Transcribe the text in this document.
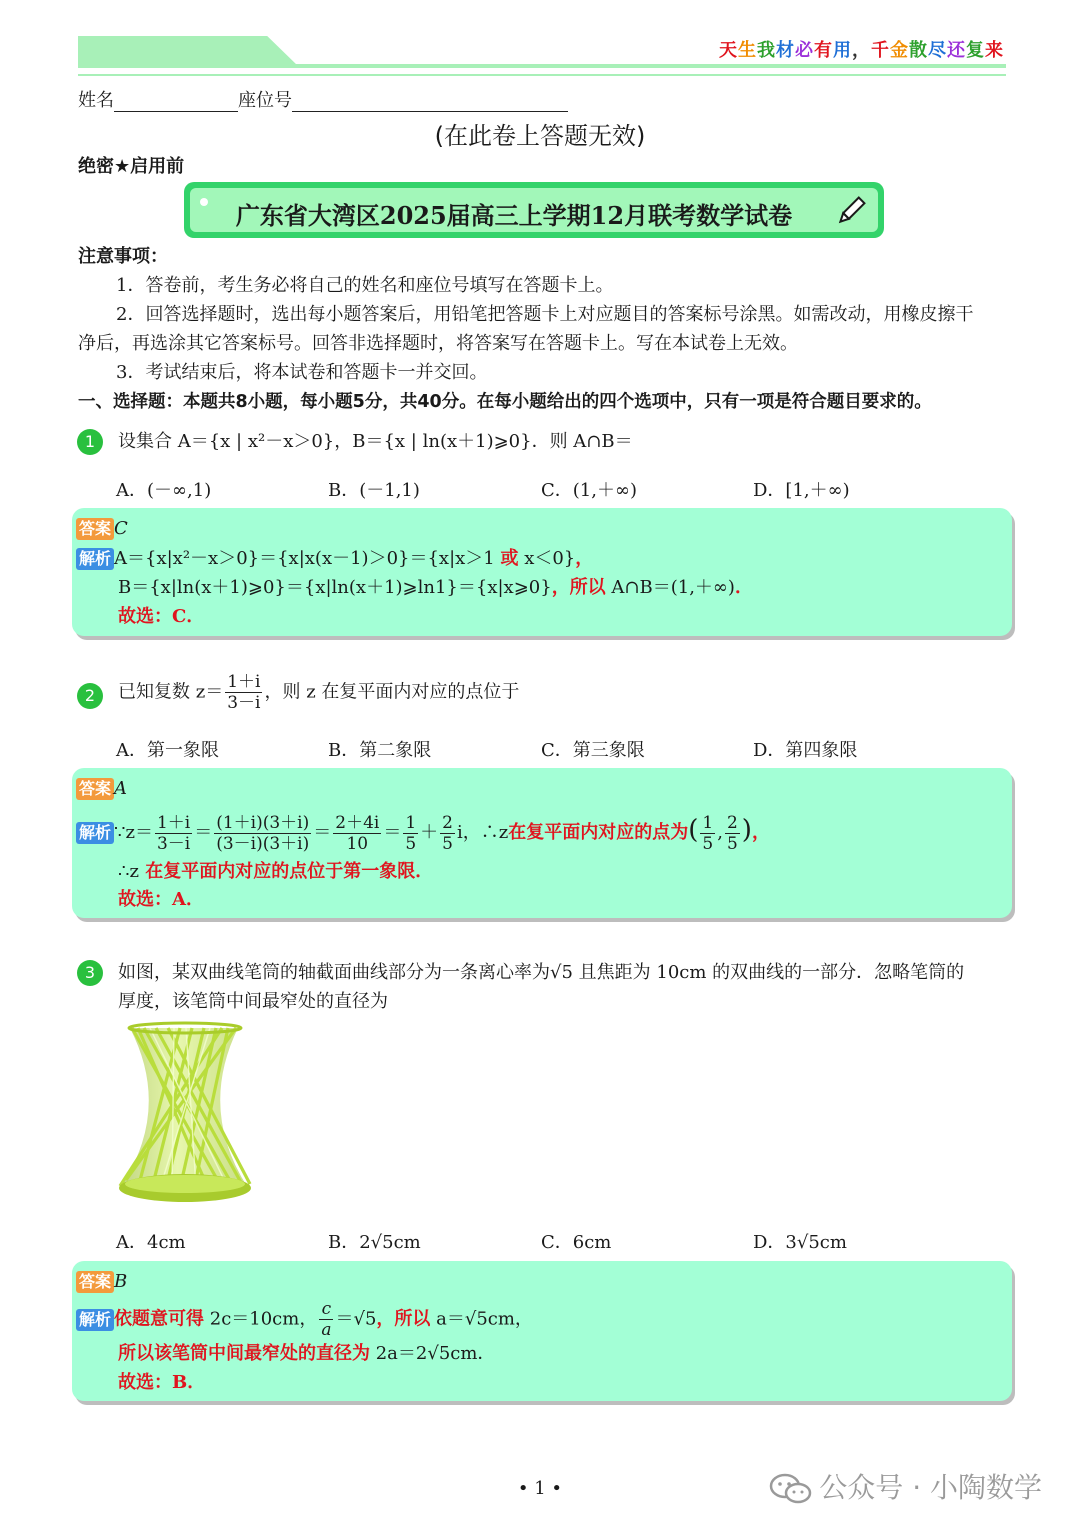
天生我材必有用，千金散尽还复来
姓名	座位号
(在此卷上答题无效)
绝密★启用前
广东省大湾区2025届高三上学期12月联考数学试卷
注意事项：
1．答卷前，考生务必将自己的姓名和座位号填写在答题卡上。
2．回答选择题时，选出每小题答案后，用铅笔把答题卡上对应题目的答案标号涂黑。如需改动，用橡皮擦干
净后，再选涂其它答案标号。回答非选择题时，将答案写在答题卡上。写在本试卷上无效。
3．考试结束后，将本试卷和答题卡一并交回。
一、选择题：本题共8小题，每小题5分，共40分。在每小题给出的四个选项中，只有一项是符合题目要求的。
1	设集合 A＝{x | x²－x＞0}，B＝{x | ln(x＋1)⩾0}．则 A∩B＝
A．(－∞,1)	B．(－1,1)	C．(1,＋∞)	D．[1,＋∞)
答案 C
解析 A＝{x|x²－x＞0}＝{x|x(x－1)＞0}＝{x|x＞1 或 x＜0}，
B＝{x|ln(x＋1)⩾0}＝{x|ln(x＋1)⩾ln1}＝{x|x⩾0}，所以 A∩B＝(1,＋∞)．
故选：C．
2	已知复数 $z= \frac{1+i}{3-i}$ ，则 z 在复平面内对应的点位于
A．第一象限	B．第二象限	C．第三象限	D．第四象限
答案 A
解析 ∵z＝ $\frac{1+i}{3-i} = \frac{(1+i)(3+i)}{(3-i)(3+i)} = \frac{2+4i}{10} = \frac{1}{5} + \frac{2}{5}$ i，∴z在复平面内对应的点为( $\frac{1}{5}$ , $\frac{2}{5}$ )，
∴z 在复平面内对应的点位于第一象限．
故选：A．
3	如图，某双曲线笔筒的轴截面曲线部分为一条离心率为√5 且焦距为 10cm 的双曲线的一部分．忽略笔筒的
厚度，该笔筒中间最窄处的直径为
A．4cm	B．2√5cm	C．6cm	D．3√5cm
答案 B
解析 依题意可得 2c＝10cm， $\frac{c}{a} =√5$，所以 a＝√5cm，
所以该笔筒中间最窄处的直径为 2a＝2√5cm．
故选：B．
• 1 •	公众号 · 小陶数学
